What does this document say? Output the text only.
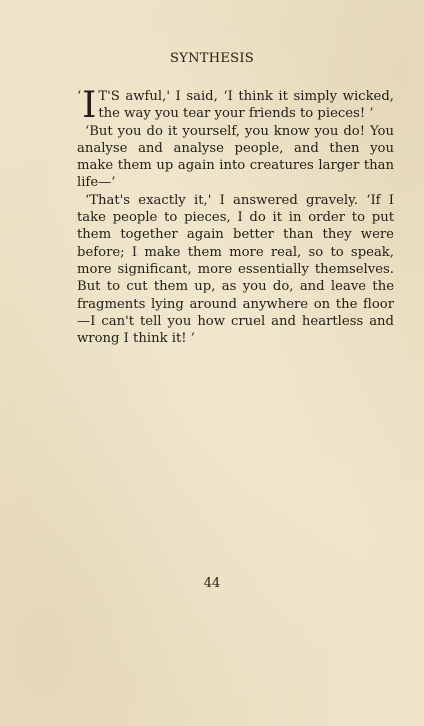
SYNTHESIS

‘ I T'S awful,' I said, ‘I think it simply wicked, the way you tear your friends to pieces! ’

‘But you do it yourself, you know you do! You analyse and analyse people, and then you make them up again into creatures larger than life—’

‘That's exactly it,' I answered gravely. ‘If I take people to pieces, I do it in order to put them together again better than they were before; I make them more real, so to speak, more significant, more essentially themselves. But to cut them up, as you do, and leave the fragments lying around anywhere on the floor —I can't tell you how cruel and heartless and wrong I think it! ’

44
